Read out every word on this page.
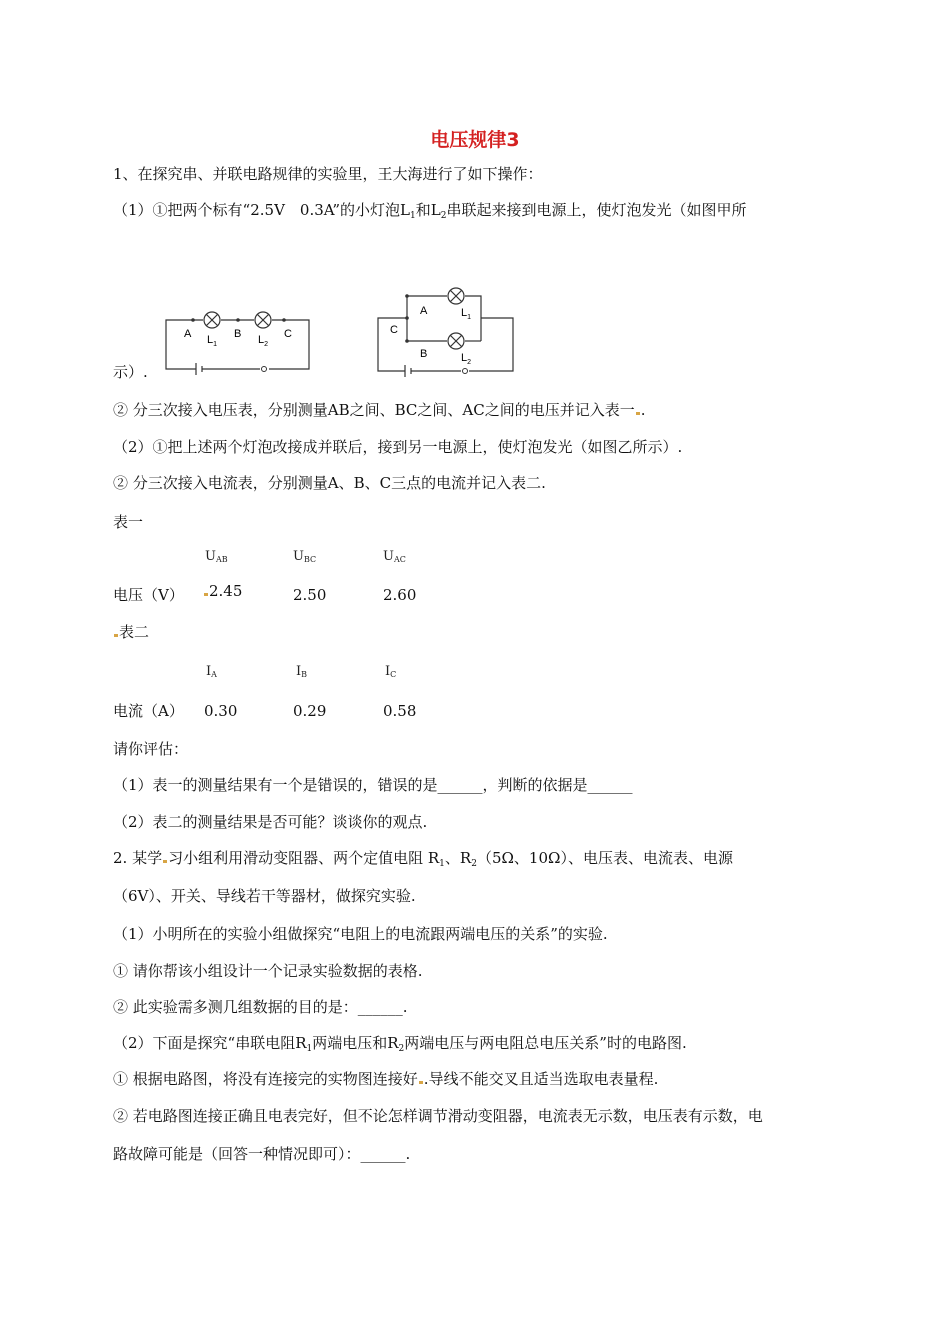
电压规律3
1、在探究串、并联电路规律的实验里，王大海进行了如下操作：
（1）①把两个标有“2.5V　0.3A”的小灯泡$L_1$和$L_2$串联起来接到电源上，使灯泡发光（如图甲所
A	B	C
$L_1$	$L_2$
A
C
B
$L_1$
$L_2$
示）.
② 分三次接入电压表，分别测量AB之间、BC之间、AC之间的电压并记入表一 .
（2）①把上述两个灯泡改接成并联后，接到另一电源上，使灯泡发光（如图乙所示）.
② 分三次接入电流表，分别测量A、B、C三点的电流并记入表二.
表一
$U_{AB}$	$U_{BC}$	$U_{AC}$
电压（V）	2.45	2.50	2.60
表二
$I_A$	$I_B$	$I_C$
电流（A） 0.30	0.29	0.58
请你评估：
（1）表一的测量结果有一个是错误的，错误的是______，判断的依据是______
（2）表二的测量结果是否可能？谈谈你的观点.
2. 某学 习小组利用滑动变阻器、两个定值电阻 $R_1$、$R_2(5\Omega$、10Ω）、电压表、电流表、电源
（6V）、开关、导线若干等器材，做探究实验.
（1）小明所在的实验小组做探究“电阻上的电流跟两端电压的关系”的实验.
① 请你帮该小组设计一个记录实验数据的表格.
② 此实验需多测几组数据的目的是：______.
（2）下面是探究“串联电阻$R_1$两端电压和$R_2$两端电压与两电阻总电压关系”时的电路图.
① 根据电路图，将没有连接完的实物图连接好 .导线不能交叉且适当选取电表量程.
② 若电路图连接正确且电表完好，但不论怎样调节滑动变阻器，电流表无示数，电压表有示数，电
路故障可能是（回答一种情况即可）：______.
